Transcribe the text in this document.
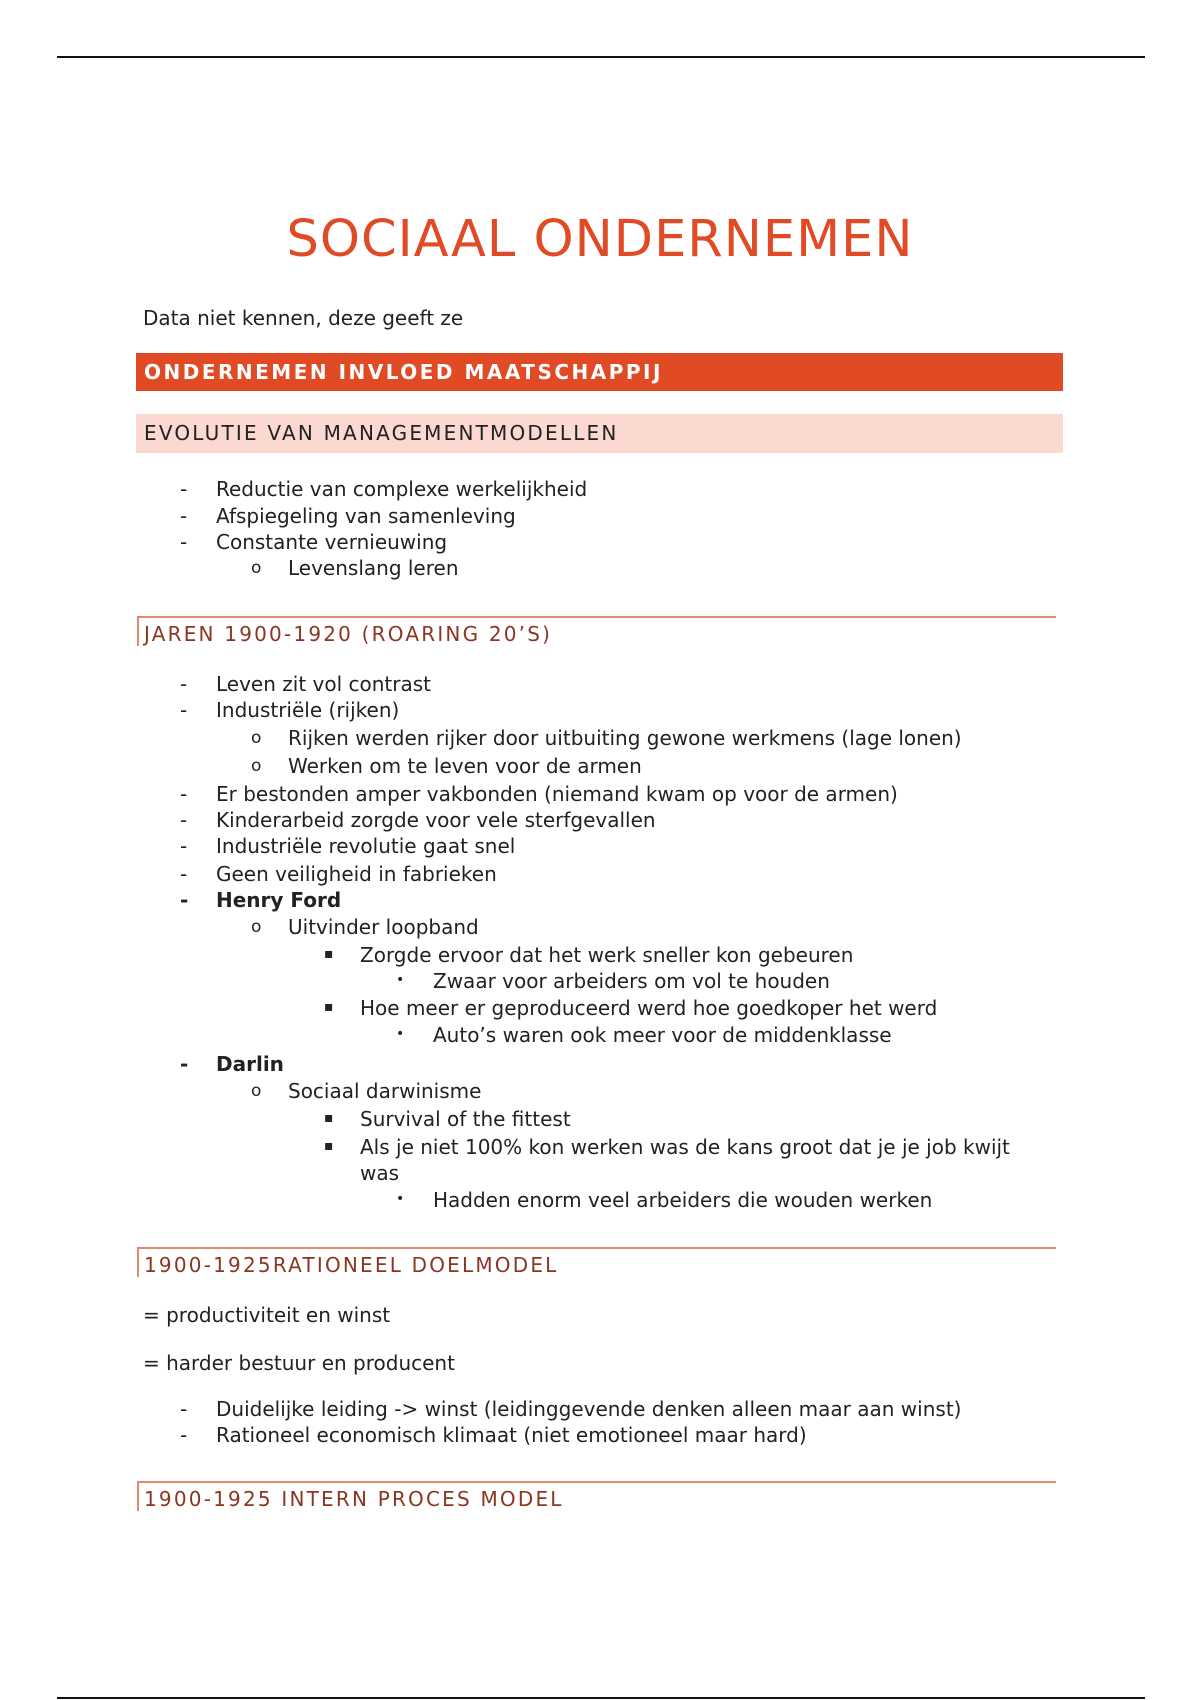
SOCIAAL ONDERNEMEN
Data niet kennen, deze geeft ze
ONDERNEMEN INVLOED MAATSCHAPPIJ
EVOLUTIE VAN MANAGEMENTMODELLEN
- Reductie van complexe werkelijkheid
- Afspiegeling van samenleving
- Constante vernieuwing
o Levenslang leren
JAREN 1900-1920 (ROARING 20’S)
- Leven zit vol contrast
- Industriële (rijken)
o Rijken werden rijker door uitbuiting gewone werkmens (lage lonen)
o Werken om te leven voor de armen
- Er bestonden amper vakbonden (niemand kwam op voor de armen)
- Kinderarbeid zorgde voor vele sterfgevallen
- Industriële revolutie gaat snel
- Geen veiligheid in fabrieken
- Henry Ford
o Uitvinder loopband
▪ Zorgde ervoor dat het werk sneller kon gebeuren
• Zwaar voor arbeiders om vol te houden
▪ Hoe meer er geproduceerd werd hoe goedkoper het werd
• Auto’s waren ook meer voor de middenklasse
- Darlin
o Sociaal darwinisme
▪ Survival of the fittest
▪ Als je niet 100% kon werken was de kans groot dat je je job kwijt
was
• Hadden enorm veel arbeiders die wouden werken
1900-1925RATIONEEL DOELMODEL
= productiviteit en winst
= harder bestuur en producent
- Duidelijke leiding -> winst (leidinggevende denken alleen maar aan winst)
- Rationeel economisch klimaat (niet emotioneel maar hard)
1900-1925 INTERN PROCES MODEL
